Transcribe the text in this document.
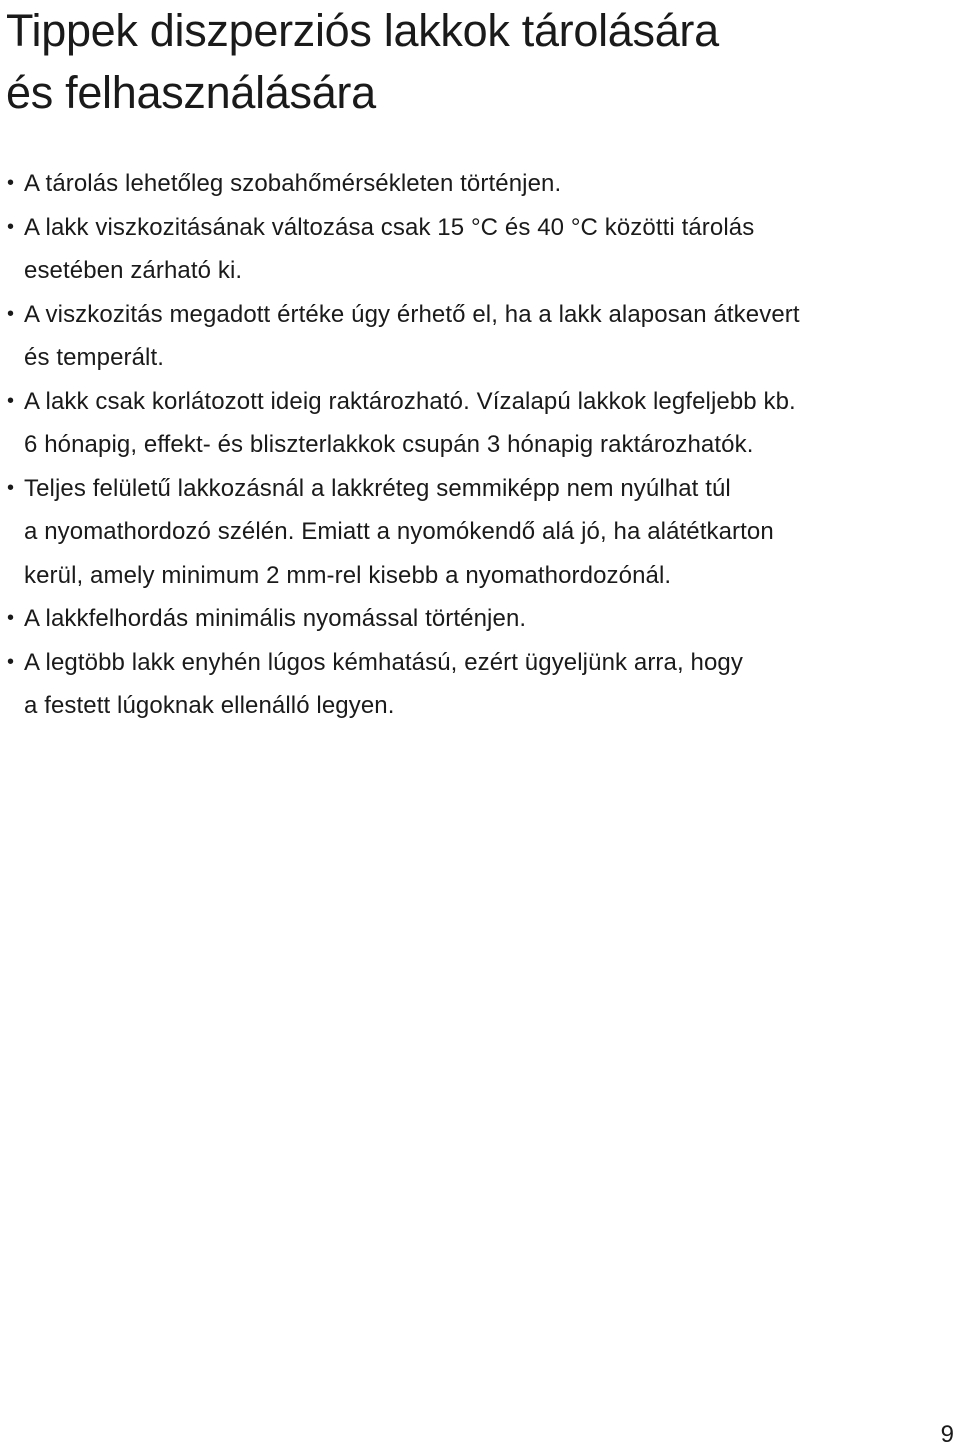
Tippek diszperziós lakkok tárolására
és felhasználására
• A tárolás lehetőleg szobahőmérsékleten történjen.
• A lakk viszkozitásának változása csak 15 °C és 40 °C közötti tárolás
esetében zárható ki.
• A viszkozitás megadott értéke úgy érhető el, ha a lakk alaposan átkevert
és temperált.
• A lakk csak korlátozott ideig raktározható. Vízalapú lakkok legfeljebb kb.
6 hónapig, effekt- és bliszterlakkok csupán 3 hónapig raktározhatók.
• Teljes felületű lakkozásnál a lakkréteg semmiképp nem nyúlhat túl
a nyomathordozó szélén. Emiatt a nyomókendő alá jó, ha alátétkarton
kerül, amely minimum 2 mm-rel kisebb a nyomathordozónál.
• A lakkfelhordás minimális nyomással történjen.
• A legtöbb lakk enyhén lúgos kémhatású, ezért ügyeljünk arra, hogy
a festett lúgoknak ellenálló legyen.
9
